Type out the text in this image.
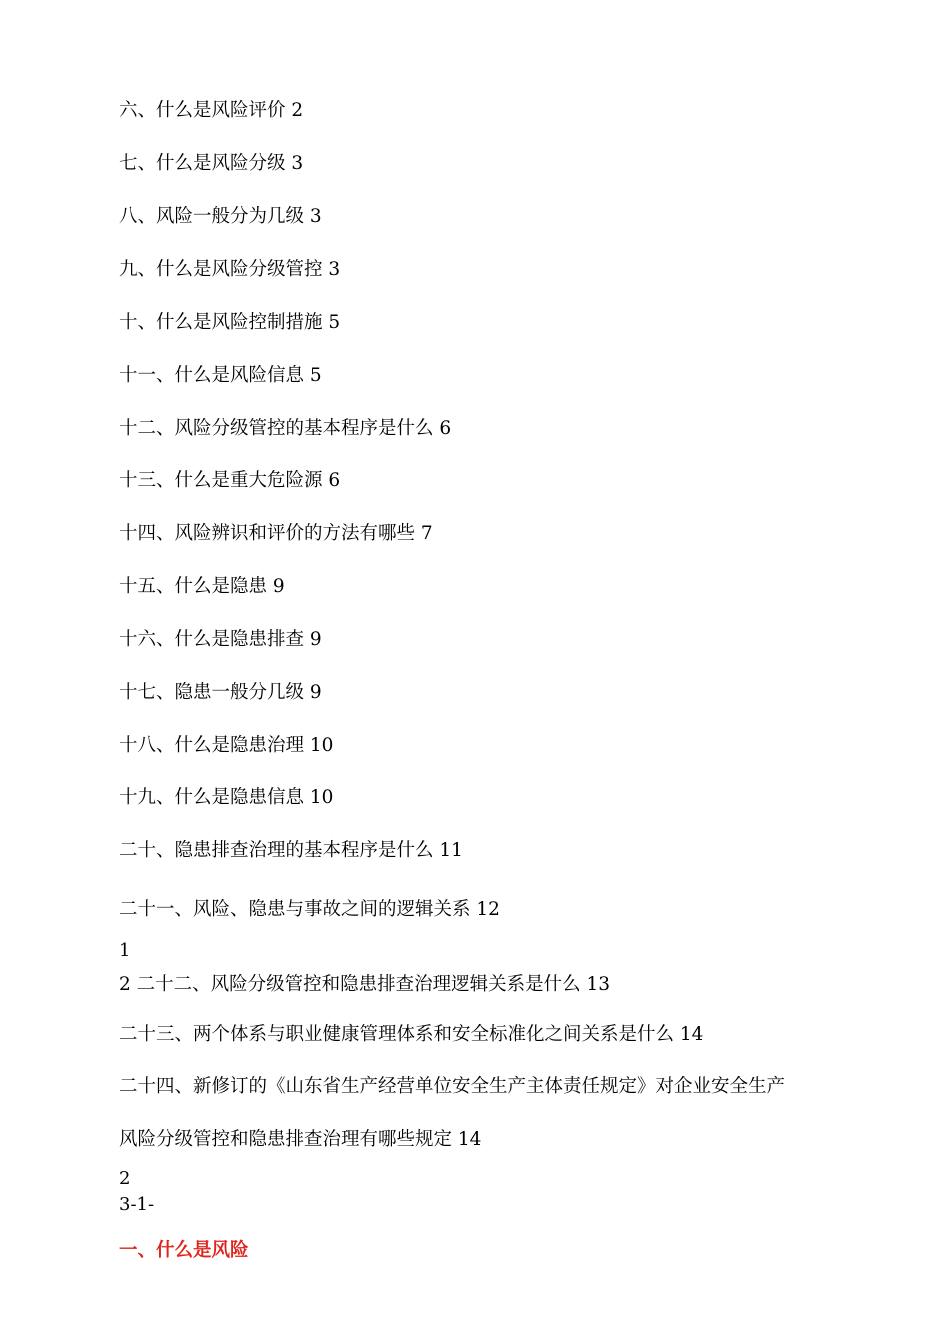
六、什么是风险评价 2
七、什么是风险分级 3
八、风险一般分为几级 3
九、什么是风险分级管控 3
十、什么是风险控制措施 5
十一、什么是风险信息 5
十二、风险分级管控的基本程序是什么 6
十三、什么是重大危险源 6
十四、风险辨识和评价的方法有哪些 7
十五、什么是隐患 9
十六、什么是隐患排查 9
十七、隐患一般分几级 9
十八、什么是隐患治理 10
十九、什么是隐患信息 10
二十、隐患排查治理的基本程序是什么 11
二十一、风险、隐患与事故之间的逻辑关系 12
1
2 二十二、风险分级管控和隐患排查治理逻辑关系是什么 13
二十三、两个体系与职业健康管理体系和安全标准化之间关系是什么 14
二十四、新修订的《山东省生产经营单位安全生产主体责任规定》对企业安全生产
风险分级管控和隐患排查治理有哪些规定 14
2
3-1-
一、什么是风险
